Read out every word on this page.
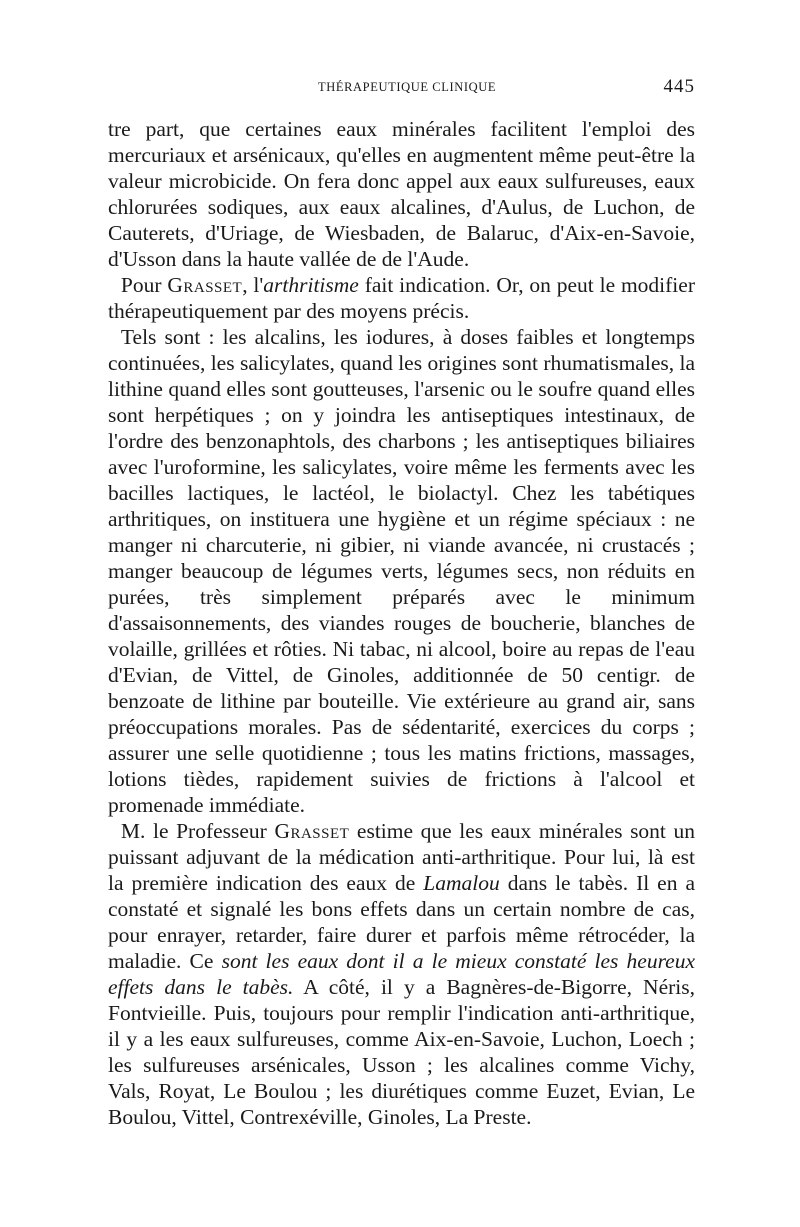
THÉRAPEUTIQUE CLINIQUE	445

tre part, que certaines eaux minérales facilitent l'emploi des mercuriaux et arsénicaux, qu'elles en augmentent même peut-être la valeur microbicide. On fera donc appel aux eaux sulfureuses, eaux chlorurées sodiques, aux eaux alcalines, d'Aulus, de Luchon, de Cauterets, d'Uriage, de Wiesbaden, de Balaruc, d'Aix-en-Savoie, d'Usson dans la haute vallée de de l'Aude.

Pour Grasset, l'arthritisme fait indication. Or, on peut le modifier thérapeutiquement par des moyens précis.

Tels sont : les alcalins, les iodures, à doses faibles et longtemps continuées, les salicylates, quand les origines sont rhumatismales, la lithine quand elles sont goutteuses, l'arsenic ou le soufre quand elles sont herpétiques ; on y joindra les antiseptiques intestinaux, de l'ordre des benzonaphtols, des charbons ; les antiseptiques biliaires avec l'uroformine, les salicylates, voire même les ferments avec les bacilles lactiques, le lactéol, le biolactyl. Chez les tabétiques arthritiques, on instituera une hygiène et un régime spéciaux : ne manger ni charcuterie, ni gibier, ni viande avancée, ni crustacés ; manger beaucoup de légumes verts, légumes secs, non réduits en purées, très simplement préparés avec le minimum d'assaisonnements, des viandes rouges de boucherie, blanches de volaille, grillées et rôties. Ni tabac, ni alcool, boire au repas de l'eau d'Evian, de Vittel, de Ginoles, additionnée de 50 centigr. de benzoate de lithine par bouteille. Vie extérieure au grand air, sans préoccupations morales. Pas de sédentarité, exercices du corps ; assurer une selle quotidienne ; tous les matins frictions, massages, lotions tièdes, rapidement suivies de frictions à l'alcool et promenade immédiate.

M. le Professeur Grasset estime que les eaux minérales sont un puissant adjuvant de la médication anti-arthritique. Pour lui, là est la première indication des eaux de Lamalou dans le tabès. Il en a constaté et signalé les bons effets dans un certain nombre de cas, pour enrayer, retarder, faire durer et parfois même rétrocéder, la maladie. Ce sont les eaux dont il a le mieux constaté les heureux effets dans le tabès. A côté, il y a Bagnères-de-Bigorre, Néris, Fontvieille. Puis, toujours pour remplir l'indication anti-arthritique, il y a les eaux sulfureuses, comme Aix-en-Savoie, Luchon, Loech ; les sulfureuses arsénicales, Usson ; les alcalines comme Vichy, Vals, Royat, Le Boulou ; les diurétiques comme Euzet, Evian, Le Boulou, Vittel, Contrexéville, Ginoles, La Preste.
